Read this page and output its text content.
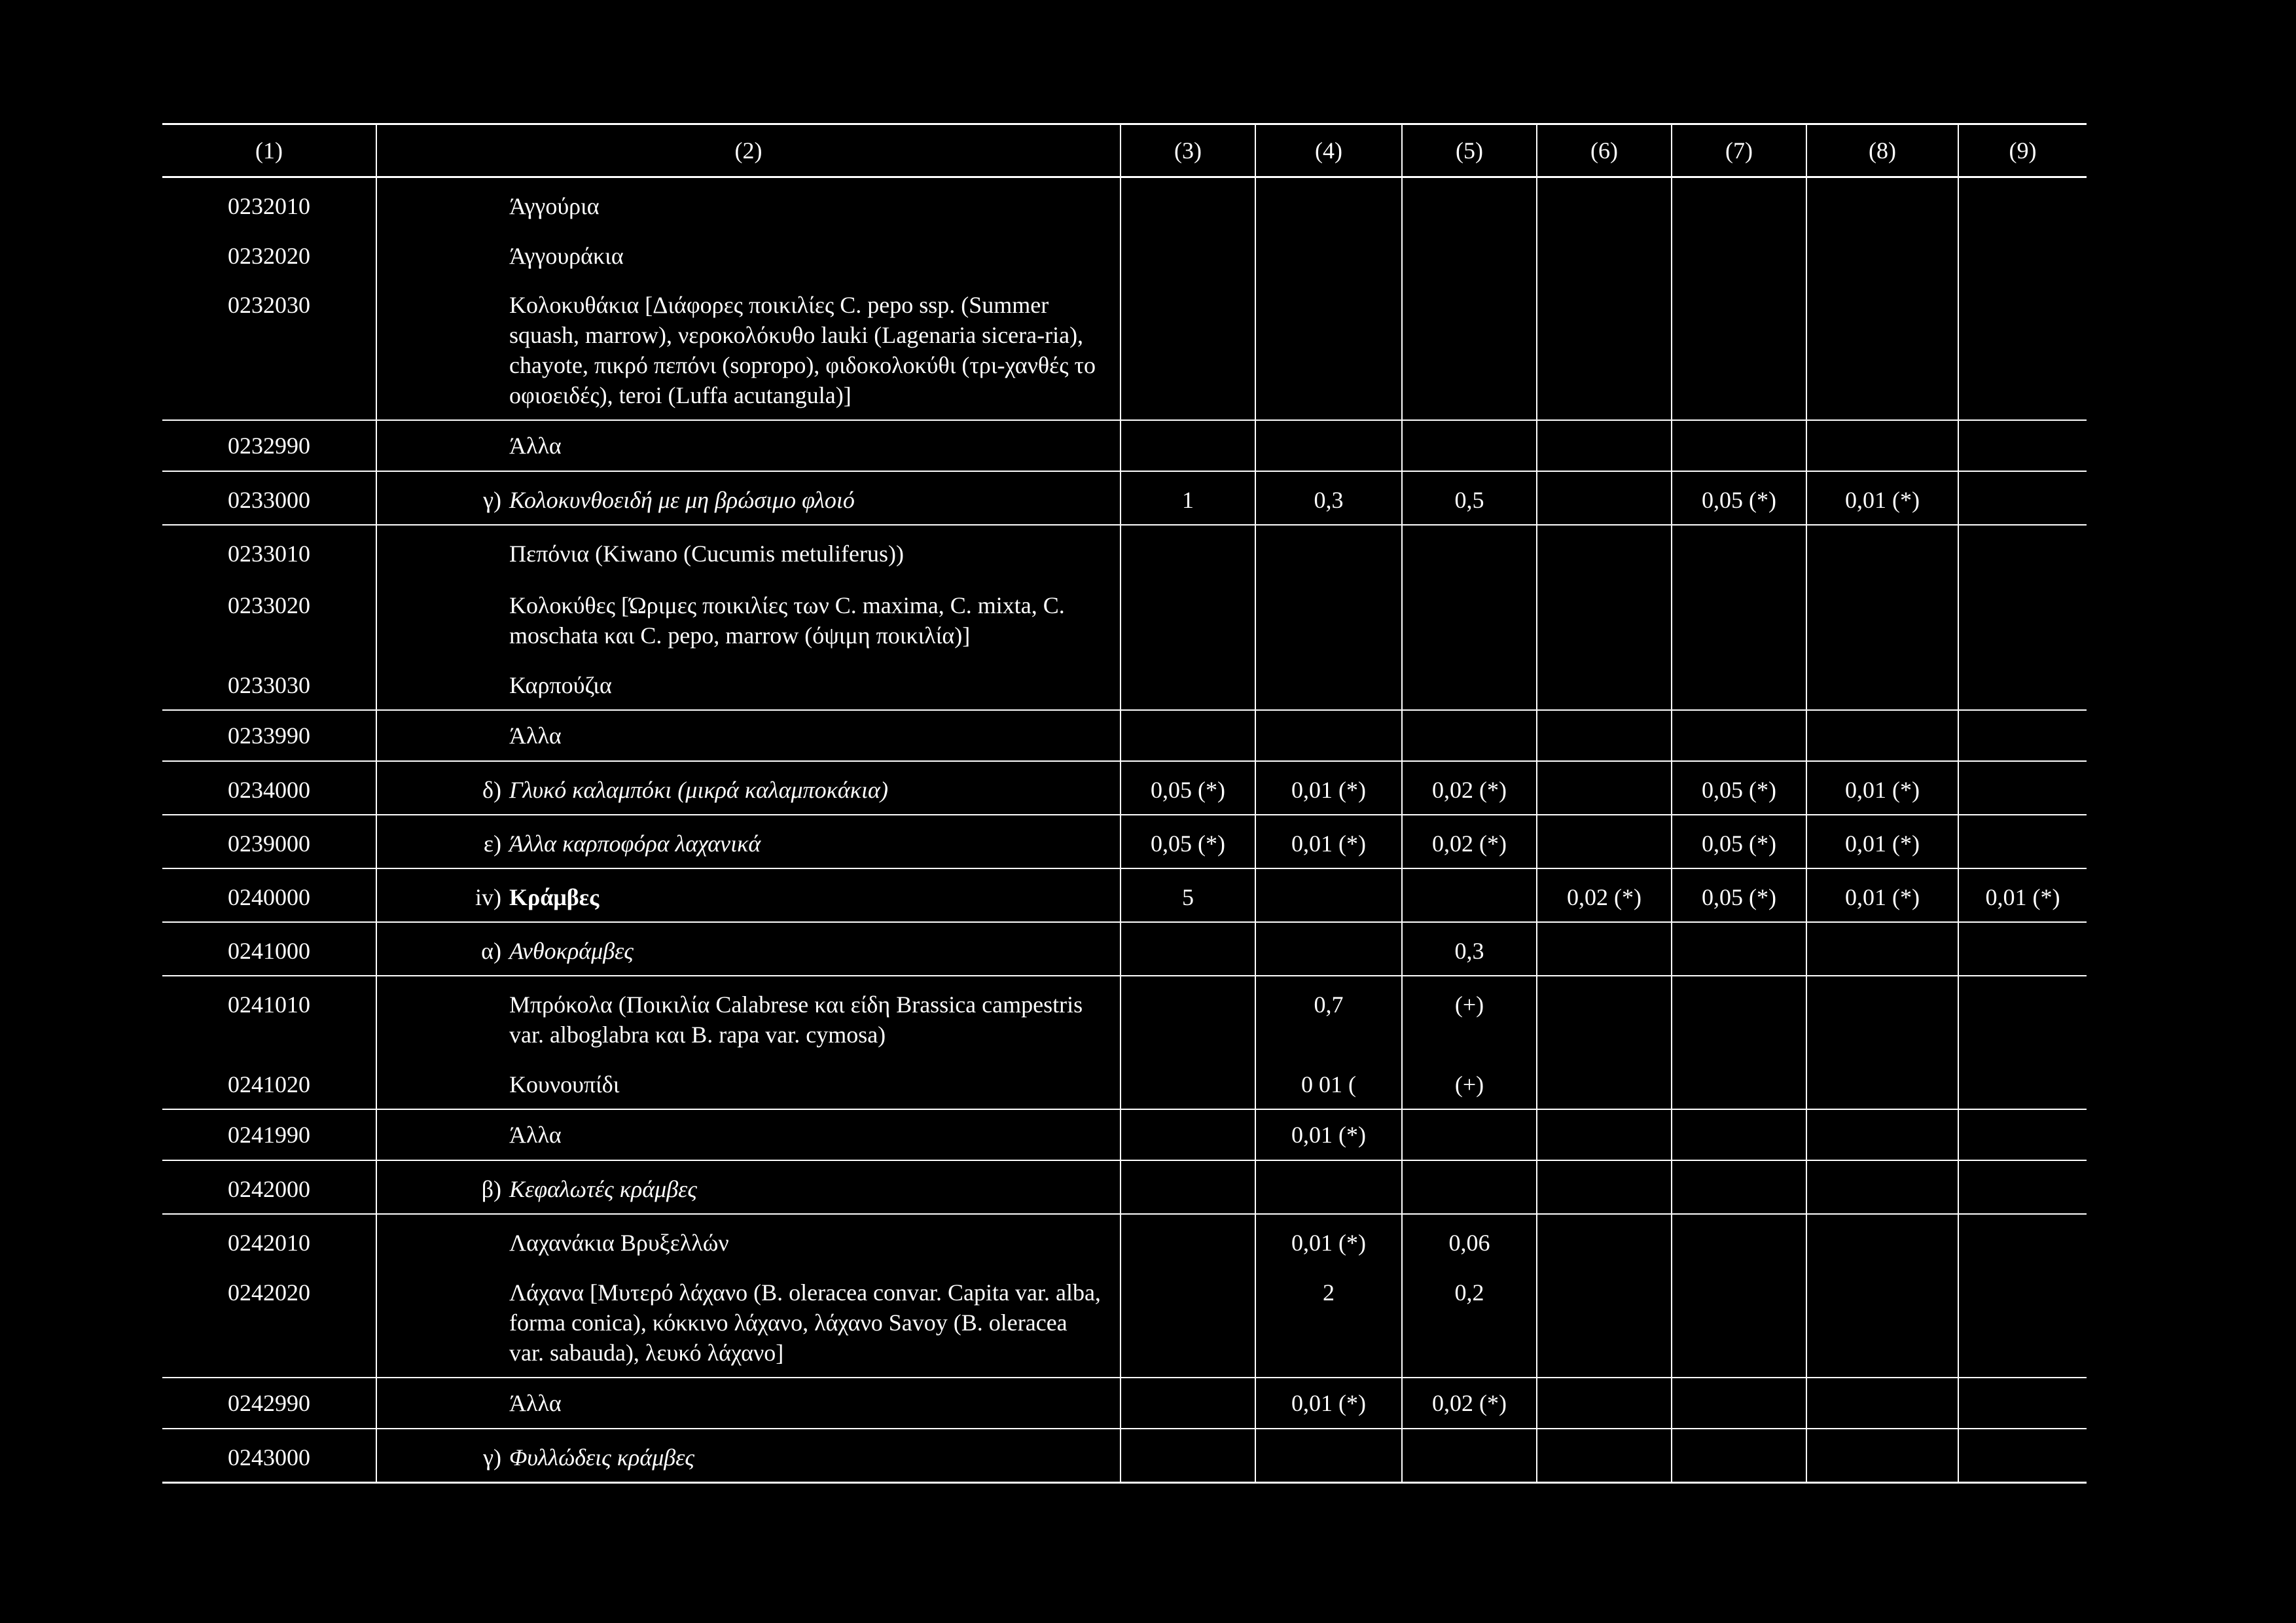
(1)	(2)	(3)	(4)	(5)	(6)	(7)	(8)	(9)
0232010	Άγγούρια							
0232020	Άγγουράκια							
0232030	Κολοκυθάκια [Διάφορες ποικιλίες C. pepo ssp. (Summer squash, marrow), νεροκολόκυθο lauki (Lagenaria sicera-ria), chayote, πικρό πεπόνι (sopropo), φιδοκολοκύθι (τρι-χανθές το οφιοειδές), teroi (Luffa acutangula)]							
0232990	Άλλα							
0233000	γ) Κολοκυνθοειδή με μη βρώσιμο φλοιό	1	0,3	0,5		0,05 (*)	0,01 (*)	
0233010	Πεπόνια (Kiwano (Cucumis metuliferus))							
0233020	Κολοκύθες [Ώριμες ποικιλίες των C. maxima, C. mixta, C. moschata και C. pepo, marrow (όψιμη ποικιλία)]							
0233030	Καρπούζια							
0233990	Άλλα							
0234000	δ) Γλυκό καλαμπόκι (μικρά καλαμποκάκια)	0,05 (*)	0,01 (*)	0,02 (*)		0,05 (*)	0,01 (*)	
0239000	ε) Άλλα καρποφόρα λαχανικά	0,05 (*)	0,01 (*)	0,02 (*)		0,05 (*)	0,01 (*)	
0240000	iv) Κράμβες	5			0,02 (*)	0,05 (*)	0,01 (*)	0,01 (*)
0241000	α) Ανθοκράμβες			0,3				
0241010	Μπρόκολα (Ποικιλία Calabrese και είδη Brassica campestris var. alboglabra και B. rapa var. cymosa)		0,7	(+)				
0241020	Κουνουπίδι		0 01 (	(+)				
0241990	Άλλα		0,01 (*)					
0242000	β) Κεφαλωτές κράμβες							
0242010	Λαχανάκια Βρυξελλών		0,01 (*)	0,06				
0242020	Λάχανα [Μυτερό λάχανο (B. oleracea convar. Capita var. alba, forma conica), κόκκινο λάχανο, λάχανο Savoy (B. oleracea var. sabauda), λευκό λάχανο]		2	0,2				
0242990	Άλλα		0,01 (*)	0,02 (*)				
0243000	γ) Φυλλώδεις κράμβες							
